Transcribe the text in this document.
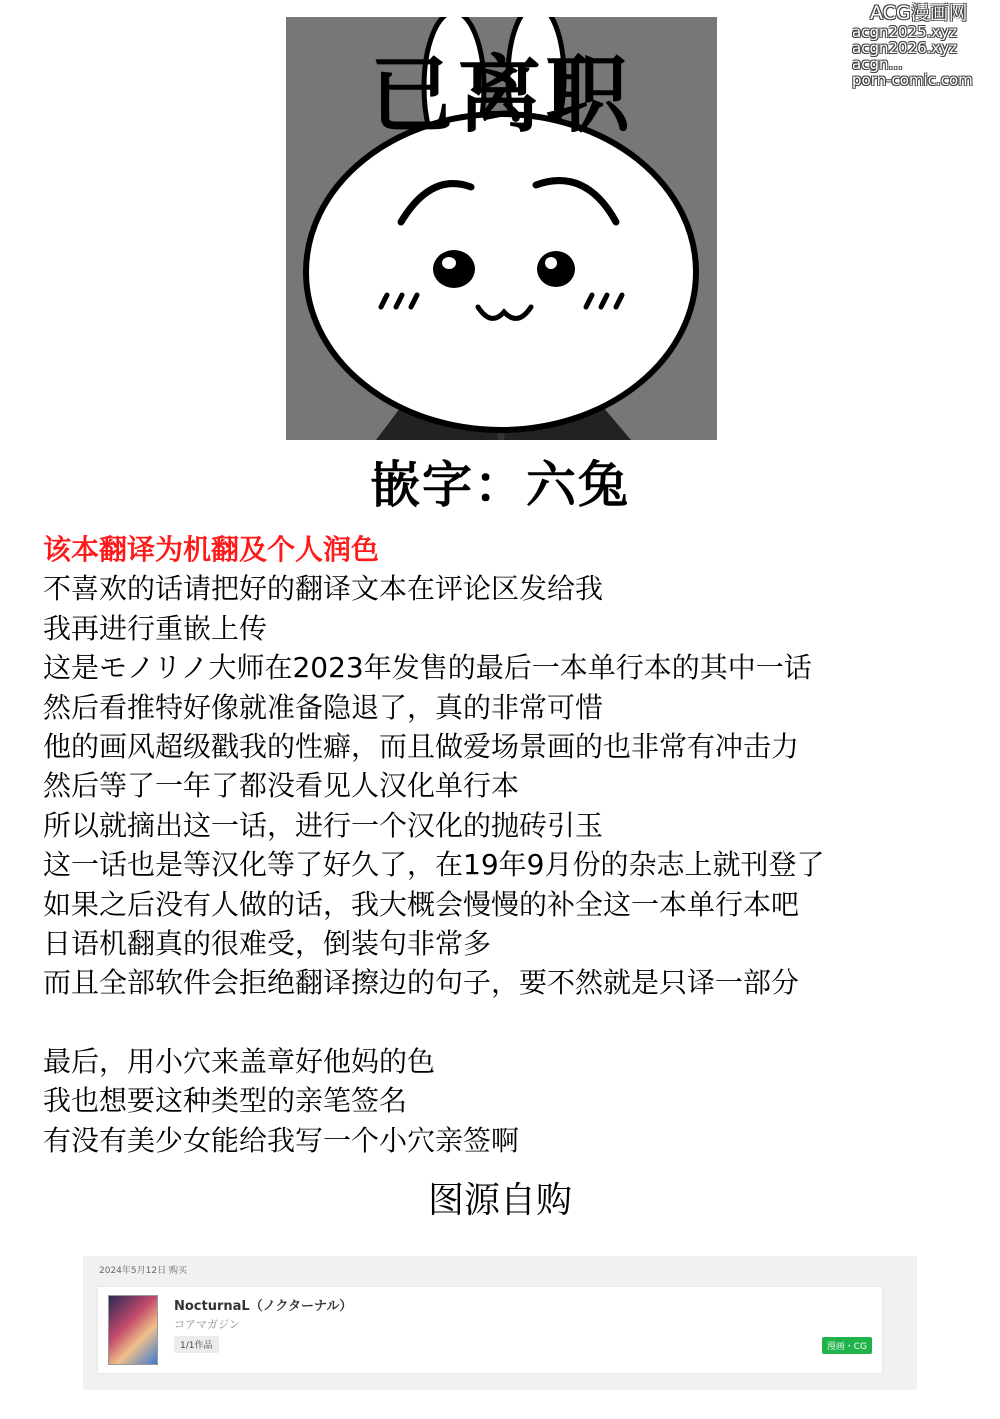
ACG漫画网
acgn2025.xyz
acgn2026.xyz
acgn...
porn-comic.com
已离职
嵌字：六兔
该本翻译为机翻及个人润色
不喜欢的话请把好的翻译文本在评论区发给我
我再进行重嵌上传
这是モノリノ大师在2023年发售的最后一本单行本的其中一话
然后看推特好像就准备隐退了，真的非常可惜
他的画风超级戳我的性癖，而且做爱场景画的也非常有冲击力
然后等了一年了都没看见人汉化单行本
所以就摘出这一话，进行一个汉化的抛砖引玉
这一话也是等汉化等了好久了，在19年9月份的杂志上就刊登了
如果之后没有人做的话，我大概会慢慢的补全这一本单行本吧
日语机翻真的很难受，倒装句非常多
而且全部软件会拒绝翻译擦边的句子，要不然就是只译一部分
最后，用小穴来盖章好他妈的色
我也想要这种类型的亲笔签名
有没有美少女能给我写一个小穴亲签啊
图源自购
2024年5月12日 购买
NocturnaL（ノクターナル）
コアマガジン
1/1作品	漫画・CG
